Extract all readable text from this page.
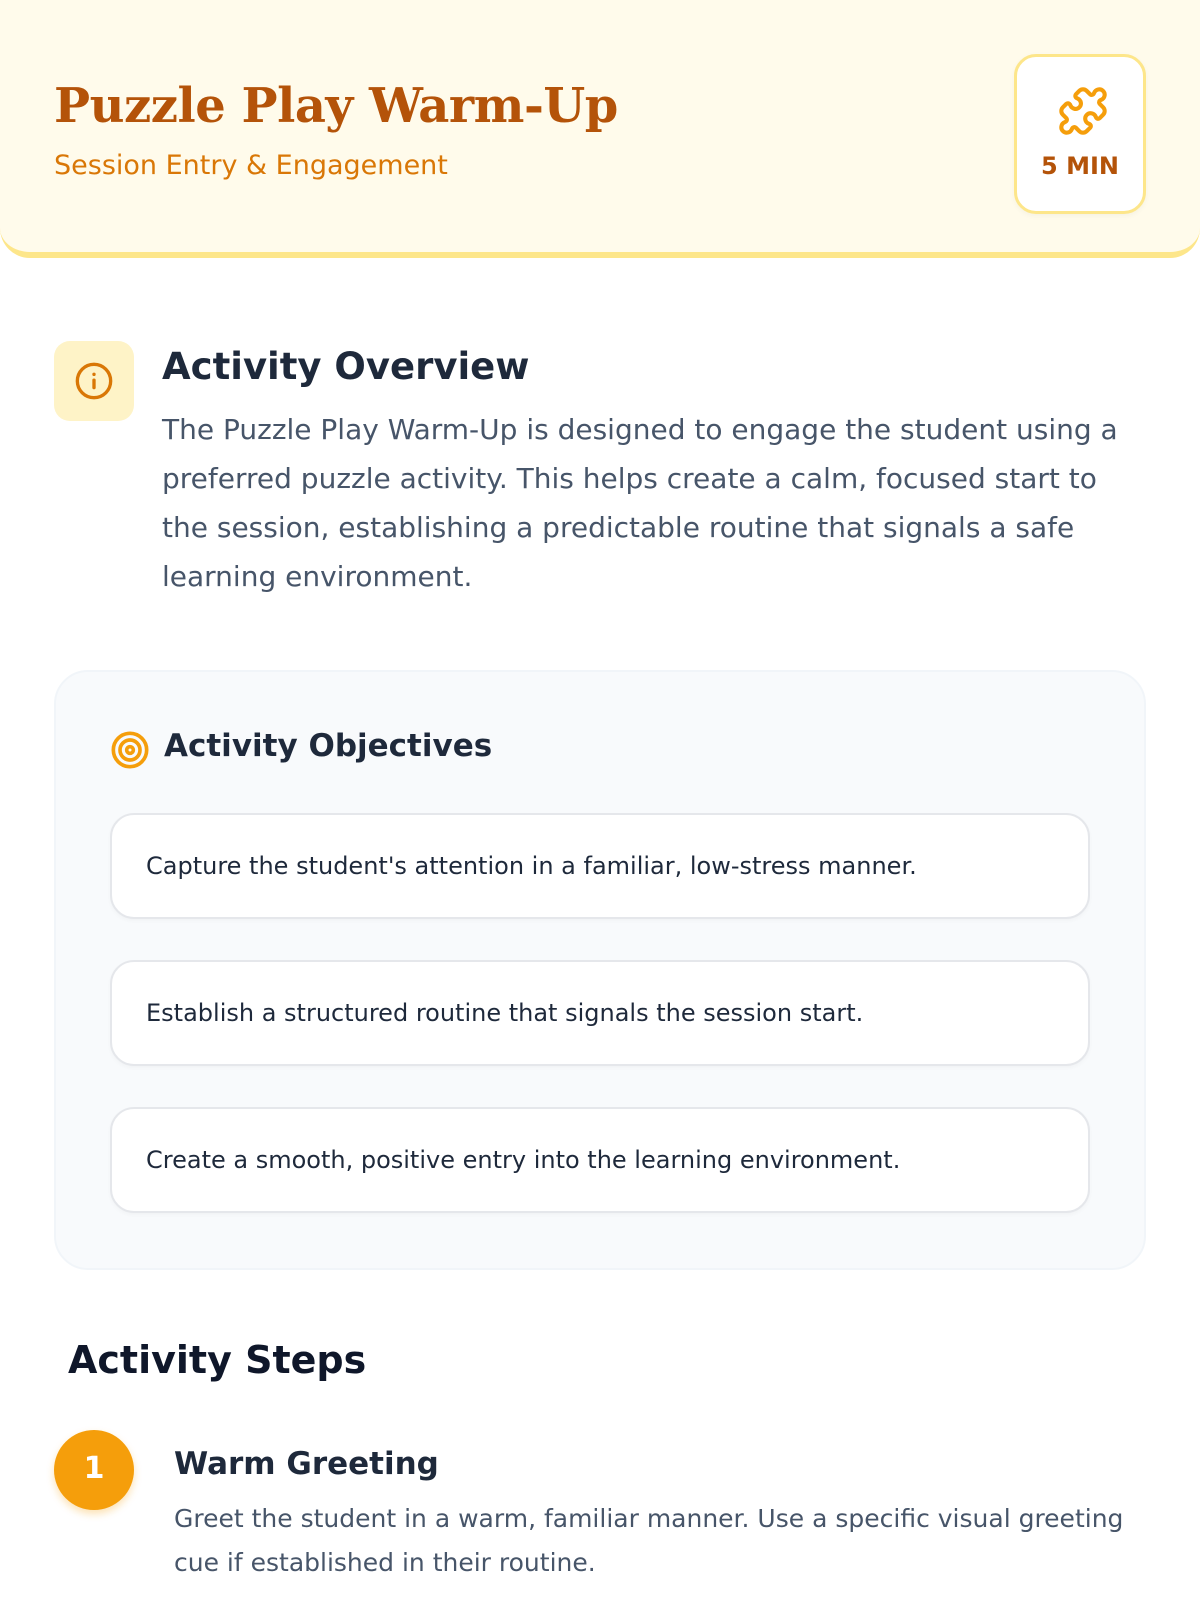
Puzzle Play Warm-Up
Session Entry & Engagement	5 MIN
Activity Overview
The Puzzle Play Warm-Up is designed to engage the student using a preferred puzzle activity. This helps create a calm, focused start to the session, establishing a predictable routine that signals a safe learning environment.
Activity Objectives
Capture the student's attention in a familiar, low-stress manner.
Establish a structured routine that signals the session start.
Create a smooth, positive entry into the learning environment.
Activity Steps
1	Warm Greeting
Greet the student in a warm, familiar manner. Use a specific visual greeting cue if established in their routine.
